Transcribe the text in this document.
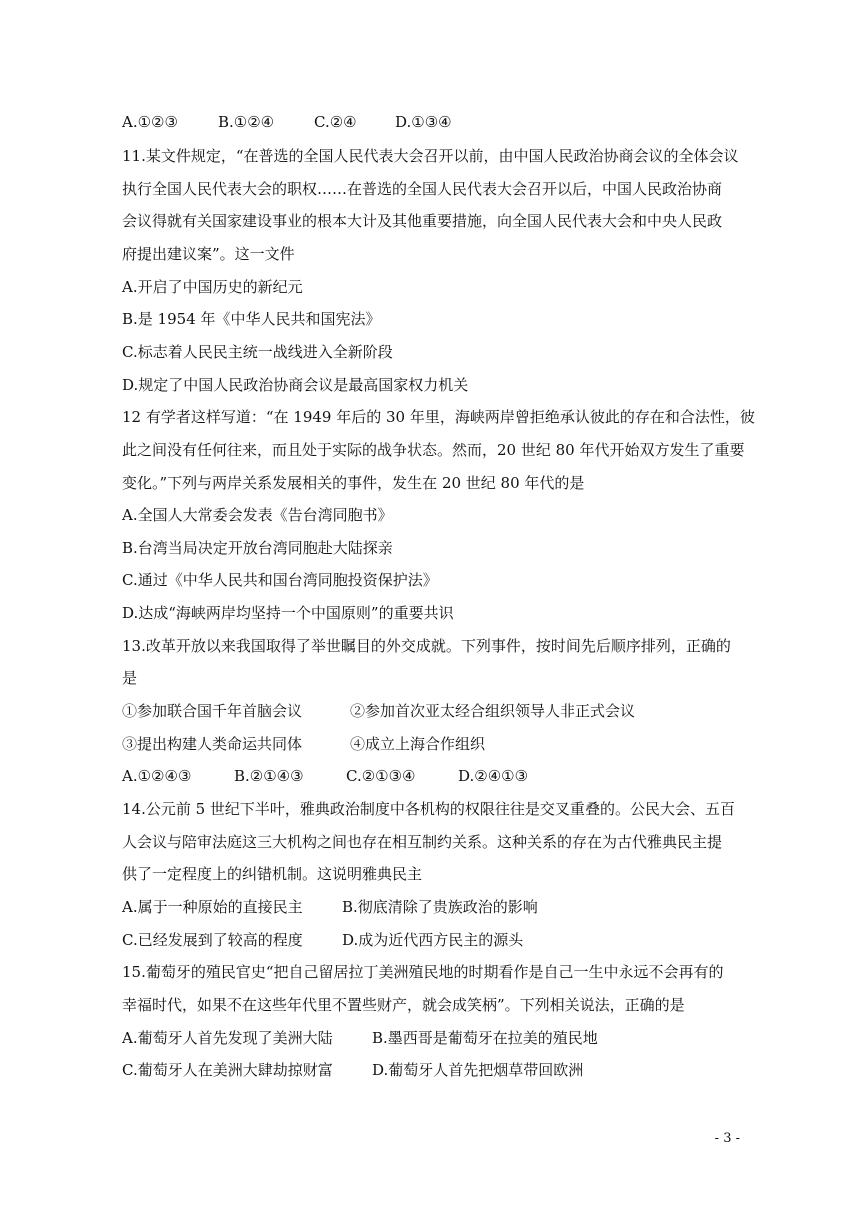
A.①②③	B.①②④	C.②④	D.①③④
11.某文件规定，“在普选的全国人民代表大会召开以前，由中国人民政治协商会议的全体会议
执行全国人民代表大会的职权……在普选的全国人民代表大会召开以后，中国人民政治协商
会议得就有关国家建设事业的根本大计及其他重要措施，向全国人民代表大会和中央人民政
府提出建议案”。这一文件
A.开启了中国历史的新纪元
B.是 1954 年《中华人民共和国宪法》
C.标志着人民民主统一战线进入全新阶段
D.规定了中国人民政治协商会议是最高国家权力机关
12 有学者这样写道：“在 1949 年后的 30 年里，海峡两岸曾拒绝承认彼此的存在和合法性，彼
此之间没有任何往来，而且处于实际的战争状态。然而，20 世纪 80 年代开始双方发生了重要
变化。”下列与两岸关系发展相关的事件，发生在 20 世纪 80 年代的是
A.全国人大常委会发表《告台湾同胞书》
B.台湾当局决定开放台湾同胞赴大陆探亲
C.通过《中华人民共和国台湾同胞投资保护法》
D.达成“海峡两岸均坚持一个中国原则”的重要共识
13.改革开放以来我国取得了举世瞩目的外交成就。下列事件，按时间先后顺序排列，正确的
是
①参加联合国千年首脑会议	②参加首次亚太经合组织领导人非正式会议
③提出构建人类命运共同体	④成立上海合作组织
A.①②④③	B.②①④③	C.②①③④	D.②④①③
14.公元前 5 世纪下半叶，雅典政治制度中各机构的权限往往是交叉重叠的。公民大会、五百
人会议与陪审法庭这三大机构之间也存在相互制约关系。这种关系的存在为古代雅典民主提
供了一定程度上的纠错机制。这说明雅典民主
A.属于一种原始的直接民主	B.彻底清除了贵族政治的影响
C.已经发展到了较高的程度	D.成为近代西方民主的源头
15.葡萄牙的殖民官史“把自己留居拉丁美洲殖民地的时期看作是自己一生中永远不会再有的
幸福时代，如果不在这些年代里不置些财产，就会成笑柄”。下列相关说法，正确的是
A.葡萄牙人首先发现了美洲大陆	B.墨西哥是葡萄牙在拉美的殖民地
C.葡萄牙人在美洲大肆劫掠财富	D.葡萄牙人首先把烟草带回欧洲
- 3 -
